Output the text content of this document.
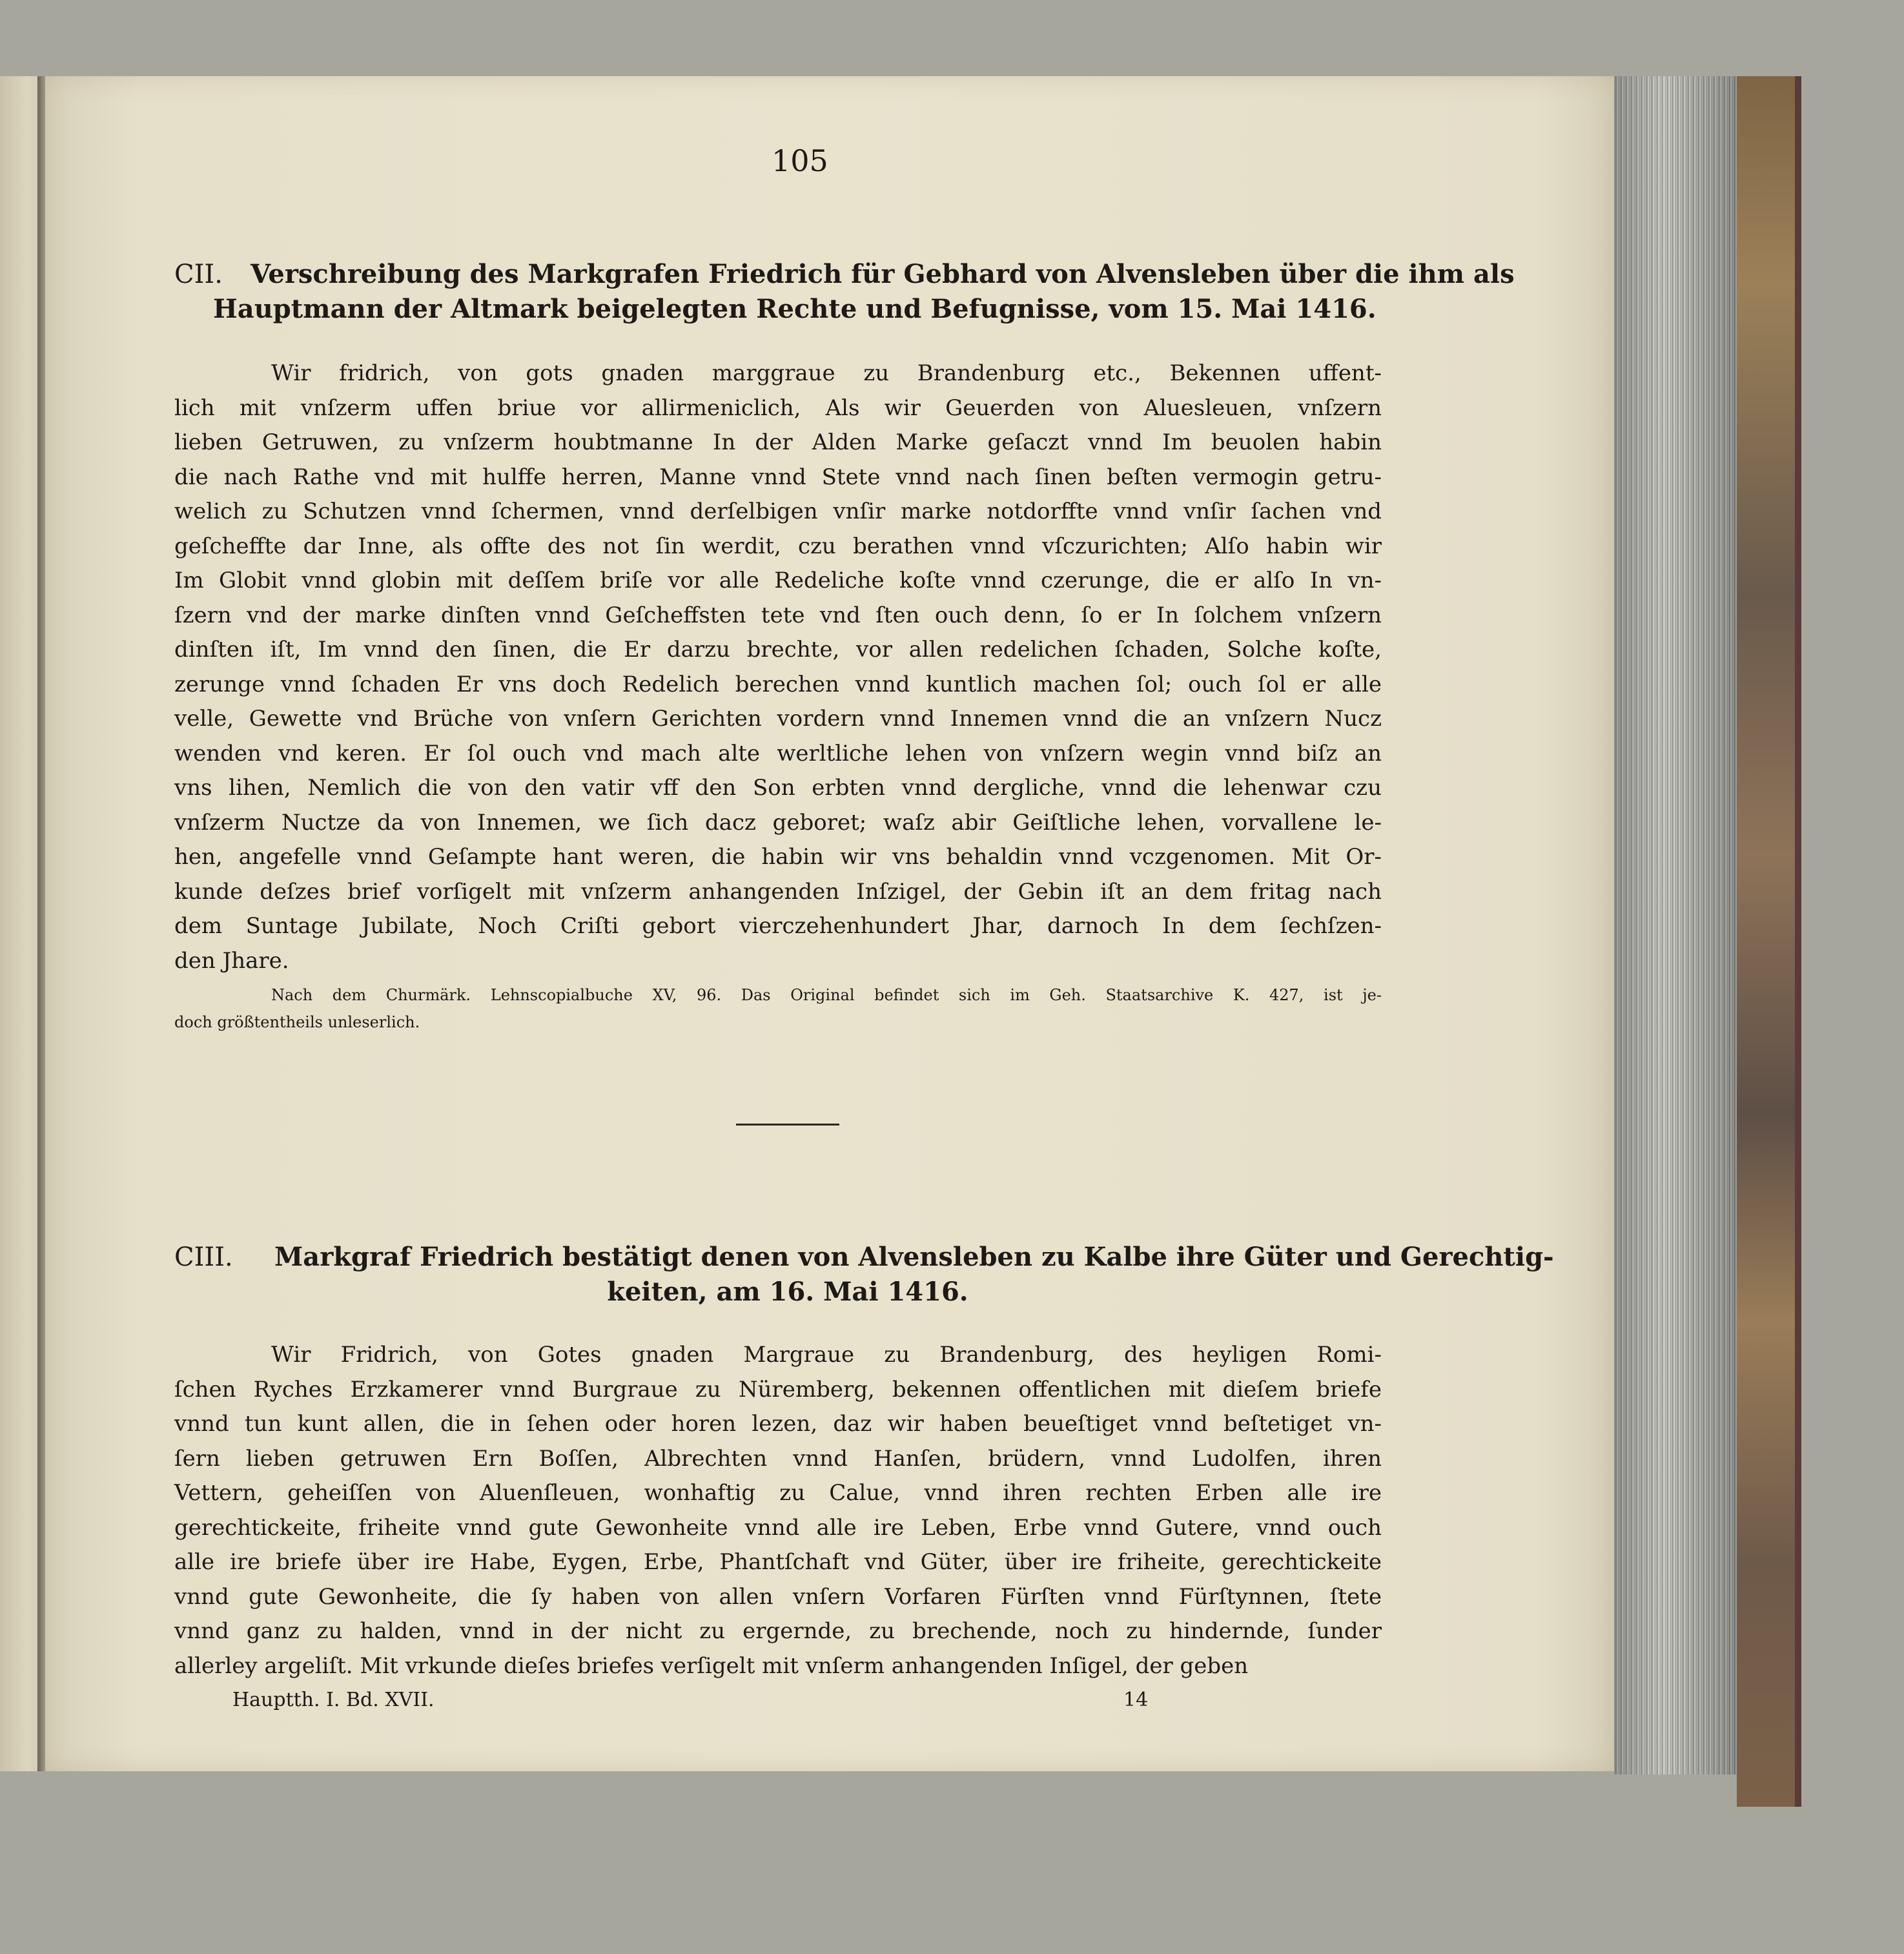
105
CII. Verschreibung des Markgrafen Friedrich für Gebhard von Alvensleben über die ihm als
Hauptmann der Altmark beigelegten Rechte und Befugnisse, vom 15. Mai 1416.
Wir fridrich, von gots gnaden marggraue zu Brandenburg etc., Bekennen uffent-
lich mit vnſzerm uffen briue vor allirmeniclich, Als wir Geuerden von Aluesleuen, vnſzern
lieben Getruwen, zu vnſzerm houbtmanne In der Alden Marke geſaczt vnnd Im beuolen habin
die nach Rathe vnd mit hulffe herren, Manne vnnd Stete vnnd nach ſinen beſten vermogin getru-
welich zu Schutzen vnnd ſchermen, vnnd derſelbigen vnſir marke notdorffte vnnd vnſir ſachen vnd
geſcheffte dar Inne, als offte des not ſin werdit, czu berathen vnnd vſczurichten; Alſo habin wir
Im Globit vnnd globin mit deſſem briſe vor alle Redeliche koſte vnnd czerunge, die er alſo In vn-
ſzern vnd der marke dinſten vnnd Geſcheffsten tete vnd ſten ouch denn, ſo er In ſolchem vnſzern
dinſten iſt, Im vnnd den ſinen, die Er darzu brechte, vor allen redelichen ſchaden, Solche koſte,
zerunge vnnd ſchaden Er vns doch Redelich berechen vnnd kuntlich machen ſol; ouch ſol er alle
velle, Gewette vnd Brüche von vnſern Gerichten vordern vnnd Innemen vnnd die an vnſzern Nucz
wenden vnd keren. Er ſol ouch vnd mach alte werltliche lehen von vnſzern wegin vnnd biſz an
vns lihen, Nemlich die von den vatir vff den Son erbten vnnd dergliche, vnnd die lehenwar czu
vnſzerm Nuctze da von Innemen, we ſich dacz geboret; waſz abir Geiſtliche lehen, vorvallene le-
hen, angefelle vnnd Geſampte hant weren, die habin wir vns behaldin vnnd vczgenomen. Mit Or-
kunde deſzes brief vorſigelt mit vnſzerm anhangenden Inſzigel, der Gebin iſt an dem fritag nach
dem Suntage Jubilate, Noch Criſti gebort vierczehenhundert Jhar, darnoch In dem ſechſzen-
den Jhare.
Nach dem Churmärk. Lehnscopialbuche XV, 96. Das Original befindet sich im Geh. Staatsarchive K. 427, ist je-
doch größtentheils unleserlich.
CIII. Markgraf Friedrich bestätigt denen von Alvensleben zu Kalbe ihre Güter und Gerechtig-
keiten, am 16. Mai 1416.
Wir Fridrich, von Gotes gnaden Margraue zu Brandenburg, des heyligen Romi-
ſchen Ryches Erzkamerer vnnd Burgraue zu Nüremberg, bekennen offentlichen mit dieſem briefe
vnnd tun kunt allen, die in ſehen oder horen lezen, daz wir haben beueſtiget vnnd beſtetiget vn-
ſern lieben getruwen Ern Boſſen, Albrechten vnnd Hanſen, brüdern, vnnd Ludolfen, ihren
Vettern, geheiſſen von Aluenſleuen, wonhaftig zu Calue, vnnd ihren rechten Erben alle ire
gerechtickeite, friheite vnnd gute Gewonheite vnnd alle ire Leben, Erbe vnnd Gutere, vnnd ouch
alle ire briefe über ire Habe, Eygen, Erbe, Phantſchaft vnd Güter, über ire friheite, gerechtickeite
vnnd gute Gewonheite, die ſy haben von allen vnſern Vorfaren Fürſten vnnd Fürſtynnen, ſtete
vnnd ganz zu halden, vnnd in der nicht zu ergernde, zu brechende, noch zu hindernde, ſunder
allerley argeliſt. Mit vrkunde dieſes briefes verſigelt mit vnſerm anhangenden Inſigel, der geben
Hauptth. I. Bd. XVII.	14
